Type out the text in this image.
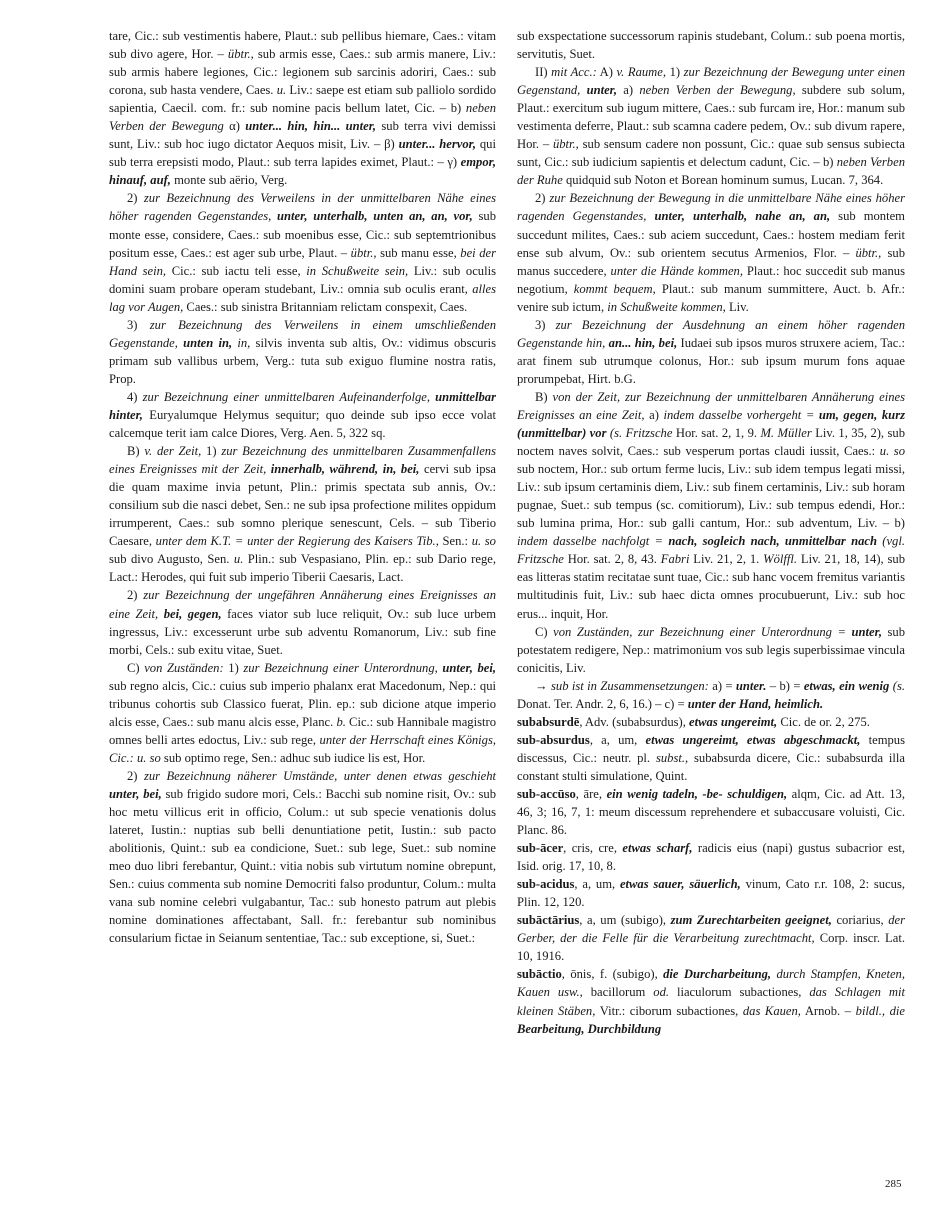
tare, Cic.: sub vestimentis habere, Plaut.: sub pellibus hiemare, Caes.: vitam sub divo agere, Hor. – übtr., sub armis esse, Caes.: sub armis manere, Liv.: sub armis habere legiones, Cic.: legionem sub sarcinis adoriri, Caes.: sub corona, sub hasta vendere, Caes. u. Liv.: saepe est etiam sub palliolo sordido sapientia, Caecil. com. fr.: sub nomine pacis bellum latet, Cic. – b) neben Verben der Bewegung α) unter... hin, hin... unter, sub terra vivi demissi sunt, Liv.: sub hoc iugo dictator Aequos misit, Liv. – β) unter... hervor, qui sub terra erepsisti modo, Plaut.: sub terra lapides eximet, Plaut.: – γ) empor, hinauf, auf, monte sub aërio, Verg.

2) zur Bezeichnung des Verweilens in der unmittelbaren Nähe eines höher ragenden Gegenstandes, unter, unterhalb, unten an, an, vor, sub monte esse, considere, Caes.: sub moenibus esse, Cic.: sub septemtrionibus positum esse, Caes.: est ager sub urbe, Plaut. – übtr., sub manu esse, bei der Hand sein, Cic.: sub iactu teli esse, in Schußweite sein, Liv.: sub oculis domini suam probare operam studebant, Liv.: omnia sub oculis erant, alles lag vor Augen, Caes.: sub sinistra Britanniam relictam conspexit, Caes.

3) zur Bezeichnung des Verweilens in einem umschließenden Gegenstande, unten in, in, silvis inventa sub altis, Ov.: vidimus obscuris primam sub vallibus urbem, Verg.: tuta sub exiguo flumine nostra ratis, Prop.

4) zur Bezeichnung einer unmittelbaren Aufeinanderfolge, unmittelbar hinter, Euryalumque Helymus sequitur; quo deinde sub ipso ecce volat calcemque terit iam calce Diores, Verg. Aen. 5, 322 sq.

B) v. der Zeit, 1) zur Bezeichnung des unmittelbaren Zusammenfallens eines Ereignisses mit der Zeit, innerhalb, während, in, bei, cervi sub ipsa die quam maxime invia petunt, Plin.: primis spectata sub annis, Ov.: consilium sub die nasci debet, Sen.: ne sub ipsa profectione milites oppidum irrumperent, Caes.: sub somno plerique senescunt, Cels. – sub Tiberio Caesare, unter dem K.T. = unter der Regierung des Kaisers Tib., Sen.: u. so sub divo Augusto, Sen. u. Plin.: sub Vespasiano, Plin. ep.: sub Dario rege, Lact.: Herodes, qui fuit sub imperio Tiberii Caesaris, Lact.

2) zur Bezeichnung der ungefähren Annäherung eines Ereignisses an eine Zeit, bei, gegen, faces viator sub luce reliquit, Ov.: sub luce urbem ingressus, Liv.: excesserunt urbe sub adventu Romanorum, Liv.: sub fine morbi, Cels.: sub exitu vitae, Suet.

C) von Zuständen: 1) zur Bezeichnung einer Unterordnung, unter, bei, sub regno alcis, Cic.: cuius sub imperio phalanx erat Macedonum, Nep.: qui tribunus cohortis sub Classico fuerat, Plin. ep.: sub dicione atque imperio alcis esse, Caes.: sub manu alcis esse, Planc. b. Cic.: sub Hannibale magistro omnes belli artes edoctus, Liv.: sub rege, unter der Herrschaft eines Königs, Cic.: u. so sub optimo rege, Sen.: adhuc sub iudice lis est, Hor.

2) zur Bezeichnung näherer Umstände, unter denen etwas geschieht unter, bei, sub frigido sudore mori, Cels.: Bacchi sub nomine risit, Ov.: sub hoc metu villicus erit in officio, Colum.: ut sub specie venationis dolus lateret, Iustin.: nuptias sub belli denuntiatione petit, Iustin.: sub pacto abolitionis, Quint.: sub ea condicione, Suet.: sub lege, Suet.: sub nomine meo duo libri ferebantur, Quint.: vitia nobis sub virtutum nomine obrepunt, Sen.: cuius commenta sub nomine Democriti falso produntur, Colum.: multa vana sub nomine celebri vulgabantur, Tac.: sub honesto patrum aut plebis nomine dominationes affectabant, Sall. fr.: ferebantur sub nominibus consularium fictae in Seianum sententiae, Tac.: sub exceptione, si, Suet.:

sub exspectatione successorum rapinis studebant, Colum.: sub poena mortis, servitutis, Suet.

II) mit Acc.: A) v. Raume, 1) zur Bezeichnung der Bewegung unter einen Gegenstand, unter, a) neben Verben der Bewegung, subdere sub solum, Plaut.: exercitum sub iugum mittere, Caes.: sub furcam ire, Hor.: manum sub vestimenta deferre, Plaut.: sub scamna cadere pedem, Ov.: sub divum rapere, Hor. – übtr., sub sensum cadere non possunt, Cic.: quae sub sensus subiecta sunt, Cic.: sub iudicium sapientis et delectum cadunt, Cic. – b) neben Verben der Ruhe quidquid sub Noton et Borean hominum sumus, Lucan. 7, 364.

2) zur Bezeichnung der Bewegung in die unmittelbare Nähe eines höher ragenden Gegenstandes, unter, unterhalb, nahe an, an, sub montem succedunt milites, Caes.: sub aciem succedunt, Caes.: hostem mediam ferit ense sub alvum, Ov.: sub orientem secutus Armenios, Flor. – übtr., sub manus succedere, unter die Hände kommen, Plaut.: hoc succedit sub manus negotium, kommt bequem, Plaut.: sub manum summittere, Auct. b. Afr.: venire sub ictum, in Schußweite kommen, Liv.

3) zur Bezeichnung der Ausdehnung an einem höher ragenden Gegenstande hin, an... hin, bei, Iudaei sub ipsos muros struxere aciem, Tac.: arat finem sub utrumque colonus, Hor.: sub ipsum murum fons aquae prorumpebat, Hirt. b.G.

B) von der Zeit, zur Bezeichnung der unmittelbaren Annäherung eines Ereignisses an eine Zeit, a) indem dasselbe vorhergeht = um, gegen, kurz (unmittelbar) vor (s. Fritzsche Hor. sat. 2, 1, 9. M. Müller Liv. 1, 35, 2), sub noctem naves solvit, Caes.: sub vesperum portas claudi iussit, Caes.: u. so sub noctem, Hor.: sub ortum ferme lucis, Liv.: sub idem tempus legati missi, Liv.: sub ipsum certaminis diem, Liv.: sub finem certaminis, Liv.: sub horam pugnae, Suet.: sub tempus (sc. comitiorum), Liv.: sub tempus edendi, Hor.: sub lumina prima, Hor.: sub galli cantum, Hor.: sub adventum, Liv. – b) indem dasselbe nachfolgt = nach, sogleich nach, unmittelbar nach (vgl. Fritzsche Hor. sat. 2, 8, 43. Fabri Liv. 21, 2, 1. Wölffl. Liv. 21, 18, 14), sub eas litteras statim recitatae sunt tuae, Cic.: sub hanc vocem fremitus variantis multitudinis fuit, Liv.: sub haec dicta omnes procubuerunt, Liv.: sub hoc erus... inquit, Hor.

C) von Zuständen, zur Bezeichnung einer Unterordnung = unter, sub potestatem redigere, Nep.: matrimonium vos sub legis superbissimae vincula conicitis, Liv.

→ sub ist in Zusammensetzungen: a) = unter. – b) = etwas, ein wenig (s. Donat. Ter. Andr. 2, 6, 16.) – c) = unter der Hand, heimlich.

subabsurdē, Adv. (subabsurdus), etwas ungereimt, Cic. de or. 2, 275.

sub-absurdus, a, um, etwas ungereimt, etwas abgeschmackt, tempus discessus, Cic.: neutr. pl. subst., subabsurda dicere, Cic.: subabsurda illa constant stulti simulatione, Quint.

sub-accūso, āre, ein wenig tadeln, -be- schuldigen, alqm, Cic. ad Att. 13, 46, 3; 16, 7, 1: meum discessum reprehendere et subaccusare voluisti, Cic. Planc. 86.

sub-ācer, cris, cre, etwas scharf, radicis eius (napi) gustus subacrior est, Isid. orig. 17, 10, 8.

sub-acidus, a, um, etwas sauer, säuerlich, vinum, Cato r.r. 108, 2: sucus, Plin. 12, 120.

subāctārius, a, um (subigo), zum Zurechtarbeiten geeignet, coriarius, der Gerber, der die Felle für die Verarbeitung zurechtmacht, Corp. inscr. Lat. 10, 1916.

subāctio, ōnis, f. (subigo), die Durcharbeitung, durch Stampfen, Kneten, Kauen usw., bacillorum od. liaculorum subactiones, das Schlagen mit kleinen Stäben, Vitr.: ciborum subactiones, das Kauen, Arnob. – bildl., die Bearbeitung, Durchbildung

285
